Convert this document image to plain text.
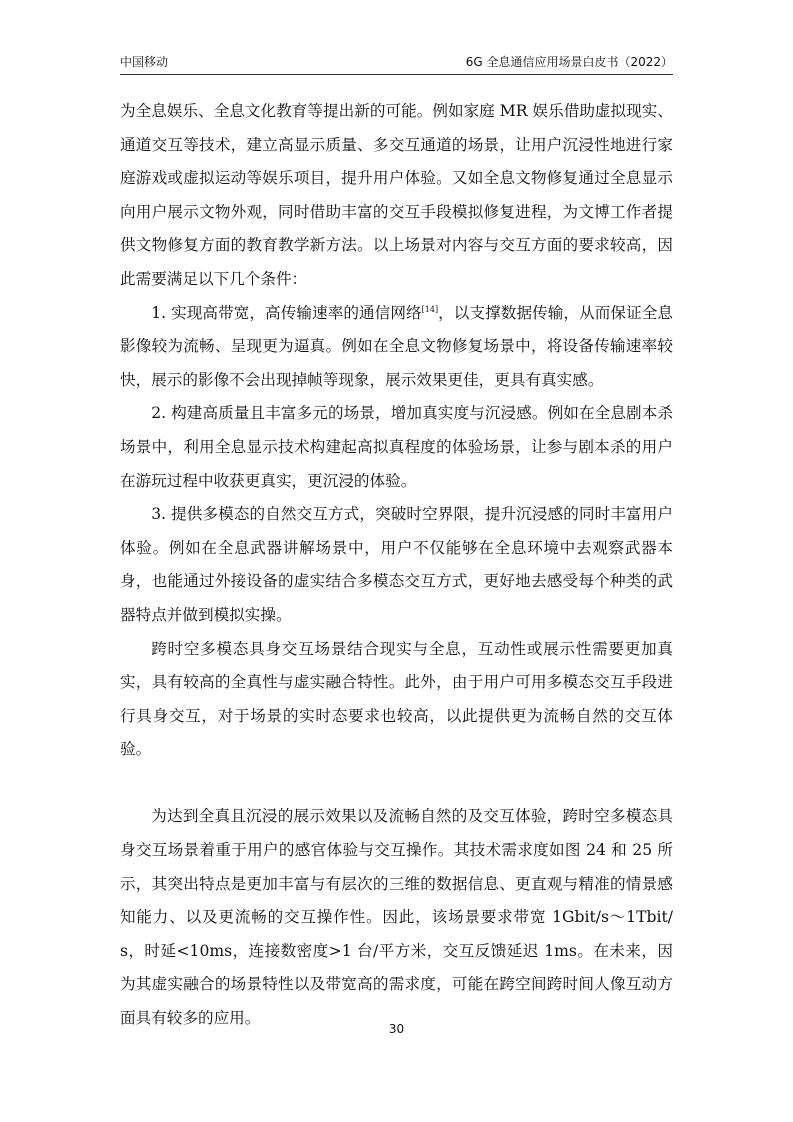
中国移动	6G 全息通信应用场景白皮书（2022）

为全息娱乐、全息文化教育等提出新的可能。例如家庭 MR 娱乐借助虚拟现实、通道交互等技术，建立高显示质量、多交互通道的场景，让用户沉浸性地进行家庭游戏或虚拟运动等娱乐项目，提升用户体验。又如全息文物修复通过全息显示向用户展示文物外观，同时借助丰富的交互手段模拟修复进程，为文博工作者提供文物修复方面的教育教学新方法。以上场景对内容与交互方面的要求较高，因此需要满足以下几个条件：

1. 实现高带宽，高传输速率的通信网络[14]，以支撑数据传输，从而保证全息影像较为流畅、呈现更为逼真。例如在全息文物修复场景中，将设备传输速率较快，展示的影像不会出现掉帧等现象，展示效果更佳，更具有真实感。

2. 构建高质量且丰富多元的场景，增加真实度与沉浸感。例如在全息剧本杀场景中，利用全息显示技术构建起高拟真程度的体验场景，让参与剧本杀的用户在游玩过程中收获更真实，更沉浸的体验。

3. 提供多模态的自然交互方式，突破时空界限，提升沉浸感的同时丰富用户体验。例如在全息武器讲解场景中，用户不仅能够在全息环境中去观察武器本身，也能通过外接设备的虚实结合多模态交互方式，更好地去感受每个种类的武器特点并做到模拟实操。

跨时空多模态具身交互场景结合现实与全息，互动性或展示性需要更加真实，具有较高的全真性与虚实融合特性。此外，由于用户可用多模态交互手段进行具身交互，对于场景的实时态要求也较高，以此提供更为流畅自然的交互体验。

为达到全真且沉浸的展示效果以及流畅自然的及交互体验，跨时空多模态具身交互场景着重于用户的感官体验与交互操作。其技术需求度如图 24 和 25 所示，其突出特点是更加丰富与有层次的三维的数据信息、更直观与精准的情景感知能力、以及更流畅的交互操作性。因此，该场景要求带宽 1Gbit/s～1Tbit/s，时延<10ms，连接数密度>1 台/平方米，交互反馈延迟 1ms。在未来，因为其虚实融合的场景特性以及带宽高的需求度，可能在跨空间跨时间人像互动方面具有较多的应用。

30
